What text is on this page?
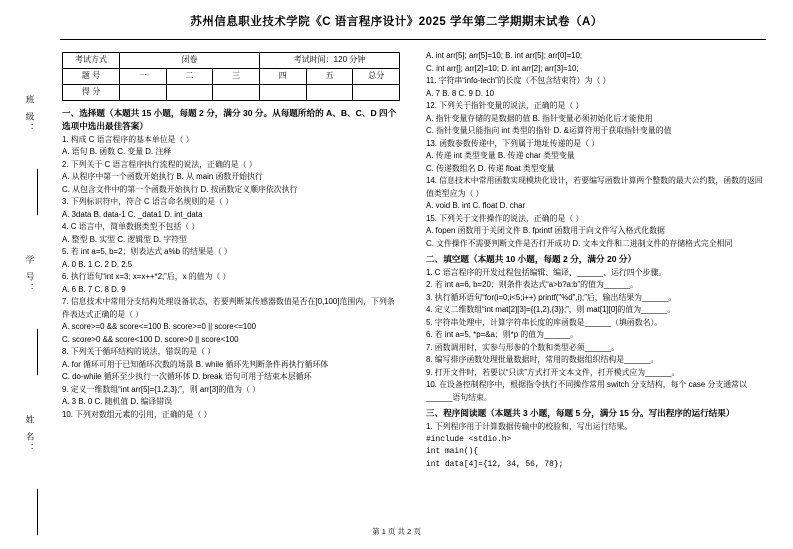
苏州信息职业技术学院《C 语言程序设计》2025 学年第二学期期末试卷（A）
班 级：
学 号：
姓 名：
考试方式	闭卷			考试时间：120 分钟		
题 号	一	二	三	四	五	总分
得 分						

一、选择题（本题共 15 小题，每题 2 分，满分 30 分。从每题所给的 A、B、C、D 四个选项中选出最佳答案）

1. 构成 C 语言程序的基本单位是（ ）

A. 语句 B. 函数 C. 变量 D. 注释

2. 下列关于 C 语言程序执行流程的说法，正确的是（ ）

A. 从程序中第一个函数开始执行 B. 从 main 函数开始执行

C. 从包含文件中的第一个函数开始执行 D. 按函数定义顺序依次执行

3. 下列标识符中，符合 C 语言命名规则的是（ ）

A. 3data B. data-1 C. _data1 D. int_data

4. C 语言中，简单数据类型不包括（ ）

A. 整型 B. 实型 C. 逻辑型 D. 字符型

5. 若 int a=5, b=2；则表达式 a%b 的结果是（ ）

A. 0 B. 1 C. 2 D. 2.5

6. 执行语句“int x=3; x=x++*2;”后，x 的值为（ ）

A. 6 B. 7 C. 8 D. 9

7. 信息技术中常用分支结构处理设备状态，若要判断某传感器数值是否在[0,100]范围内，下列条件表达式正确的是（ ）

A. score>=0 && score<=100 B. score>=0 || score<=100

C. score>0 && score<100 D. score>0 || score<100

8. 下列关于循环结构的说法，错误的是（ ）

A. for 循环可用于已知循环次数的场景 B. while 循环先判断条件再执行循环体

C. do-while 循环至少执行一次循环体 D. break 语句可用于结束本层循环

9. 定义一维数组“int arr[5]={1,2,3};”，则 arr[3]的值为（ ）

A. 3 B. 0 C. 随机值 D. 编译错误

10. 下列对数组元素的引用，正确的是（ ）

A. int arr[5]; arr[5]=10; B. int arr[5]; arr[0]=10;

C. int arr[]; arr[2]=10; D. int arr[2]; arr[3]=10;

11. 字符串“info-tech”的长度（不包含结束符）为（ ）

A. 7 B. 8 C. 9 D. 10

12. 下列关于指针变量的说法，正确的是（ ）

A. 指针变量存储的是数据的值 B. 指针变量必须初始化后才能使用

C. 指针变量只能指向 int 类型的指针 D. &运算符用于获取指针变量的值

13. 函数参数传递中，下列属于地址传递的是（ ）

A. 传递 int 类型变量 B. 传递 char 类型变量

C. 传递数组名 D. 传递 float 类型变量

14. 信息技术中常用函数实现模块化设计，若要编写函数计算两个整数的最大公约数，函数的返回值类型应为（ ）

A. void B. int C. float D. char

15. 下列关于文件操作的说法，正确的是（ ）

A. fopen 函数用于关闭文件 B. fprintf 函数用于向文件写入格式化数据

C. 文件操作不需要判断文件是否打开成功 D. 文本文件和二进制文件的存储格式完全相同

二、填空题（本题共 10 小题，每题 2 分，满分 20 分）

1. C 语言程序的开发过程包括编辑、编译、______、运行四个步骤。

2. 若 int a=6, b=20；则条件表达式“a>b?a:b”的值为______。

3. 执行循环语句“for(i=0;i<5;i++) printf("%d",i);”后，输出结果为______。

4. 定义二维数组“int mat[2][3]={{1,2},{3}};”，则 mat[1][0]的值为______。

5. 字符串处理中，计算字符串长度的库函数是______（填函数名）。

6. 若 int a=5, *p=&a；则*p 的值为______。

7. 函数调用时，实参与形参的个数和类型必须______。

8. 编写排序函数处理批量数据时，常用的数据组织结构是______。

9. 打开文件时，若要以“只读”方式打开文本文件，打开模式应为______。

10. 在设备控制程序中，根据指令执行不同操作常用 switch 分支结构，每个 case 分支通常以______语句结束。

三、程序阅读题（本题共 3 小题，每题 5 分，满分 15 分。写出程序的运行结果）

1. 下列程序用于计算数据传输中的校验和，写出运行结果。

#include <stdio.h>

int main(){

int data[4]={12, 34, 56, 78};

第 1 页 共 2 页
